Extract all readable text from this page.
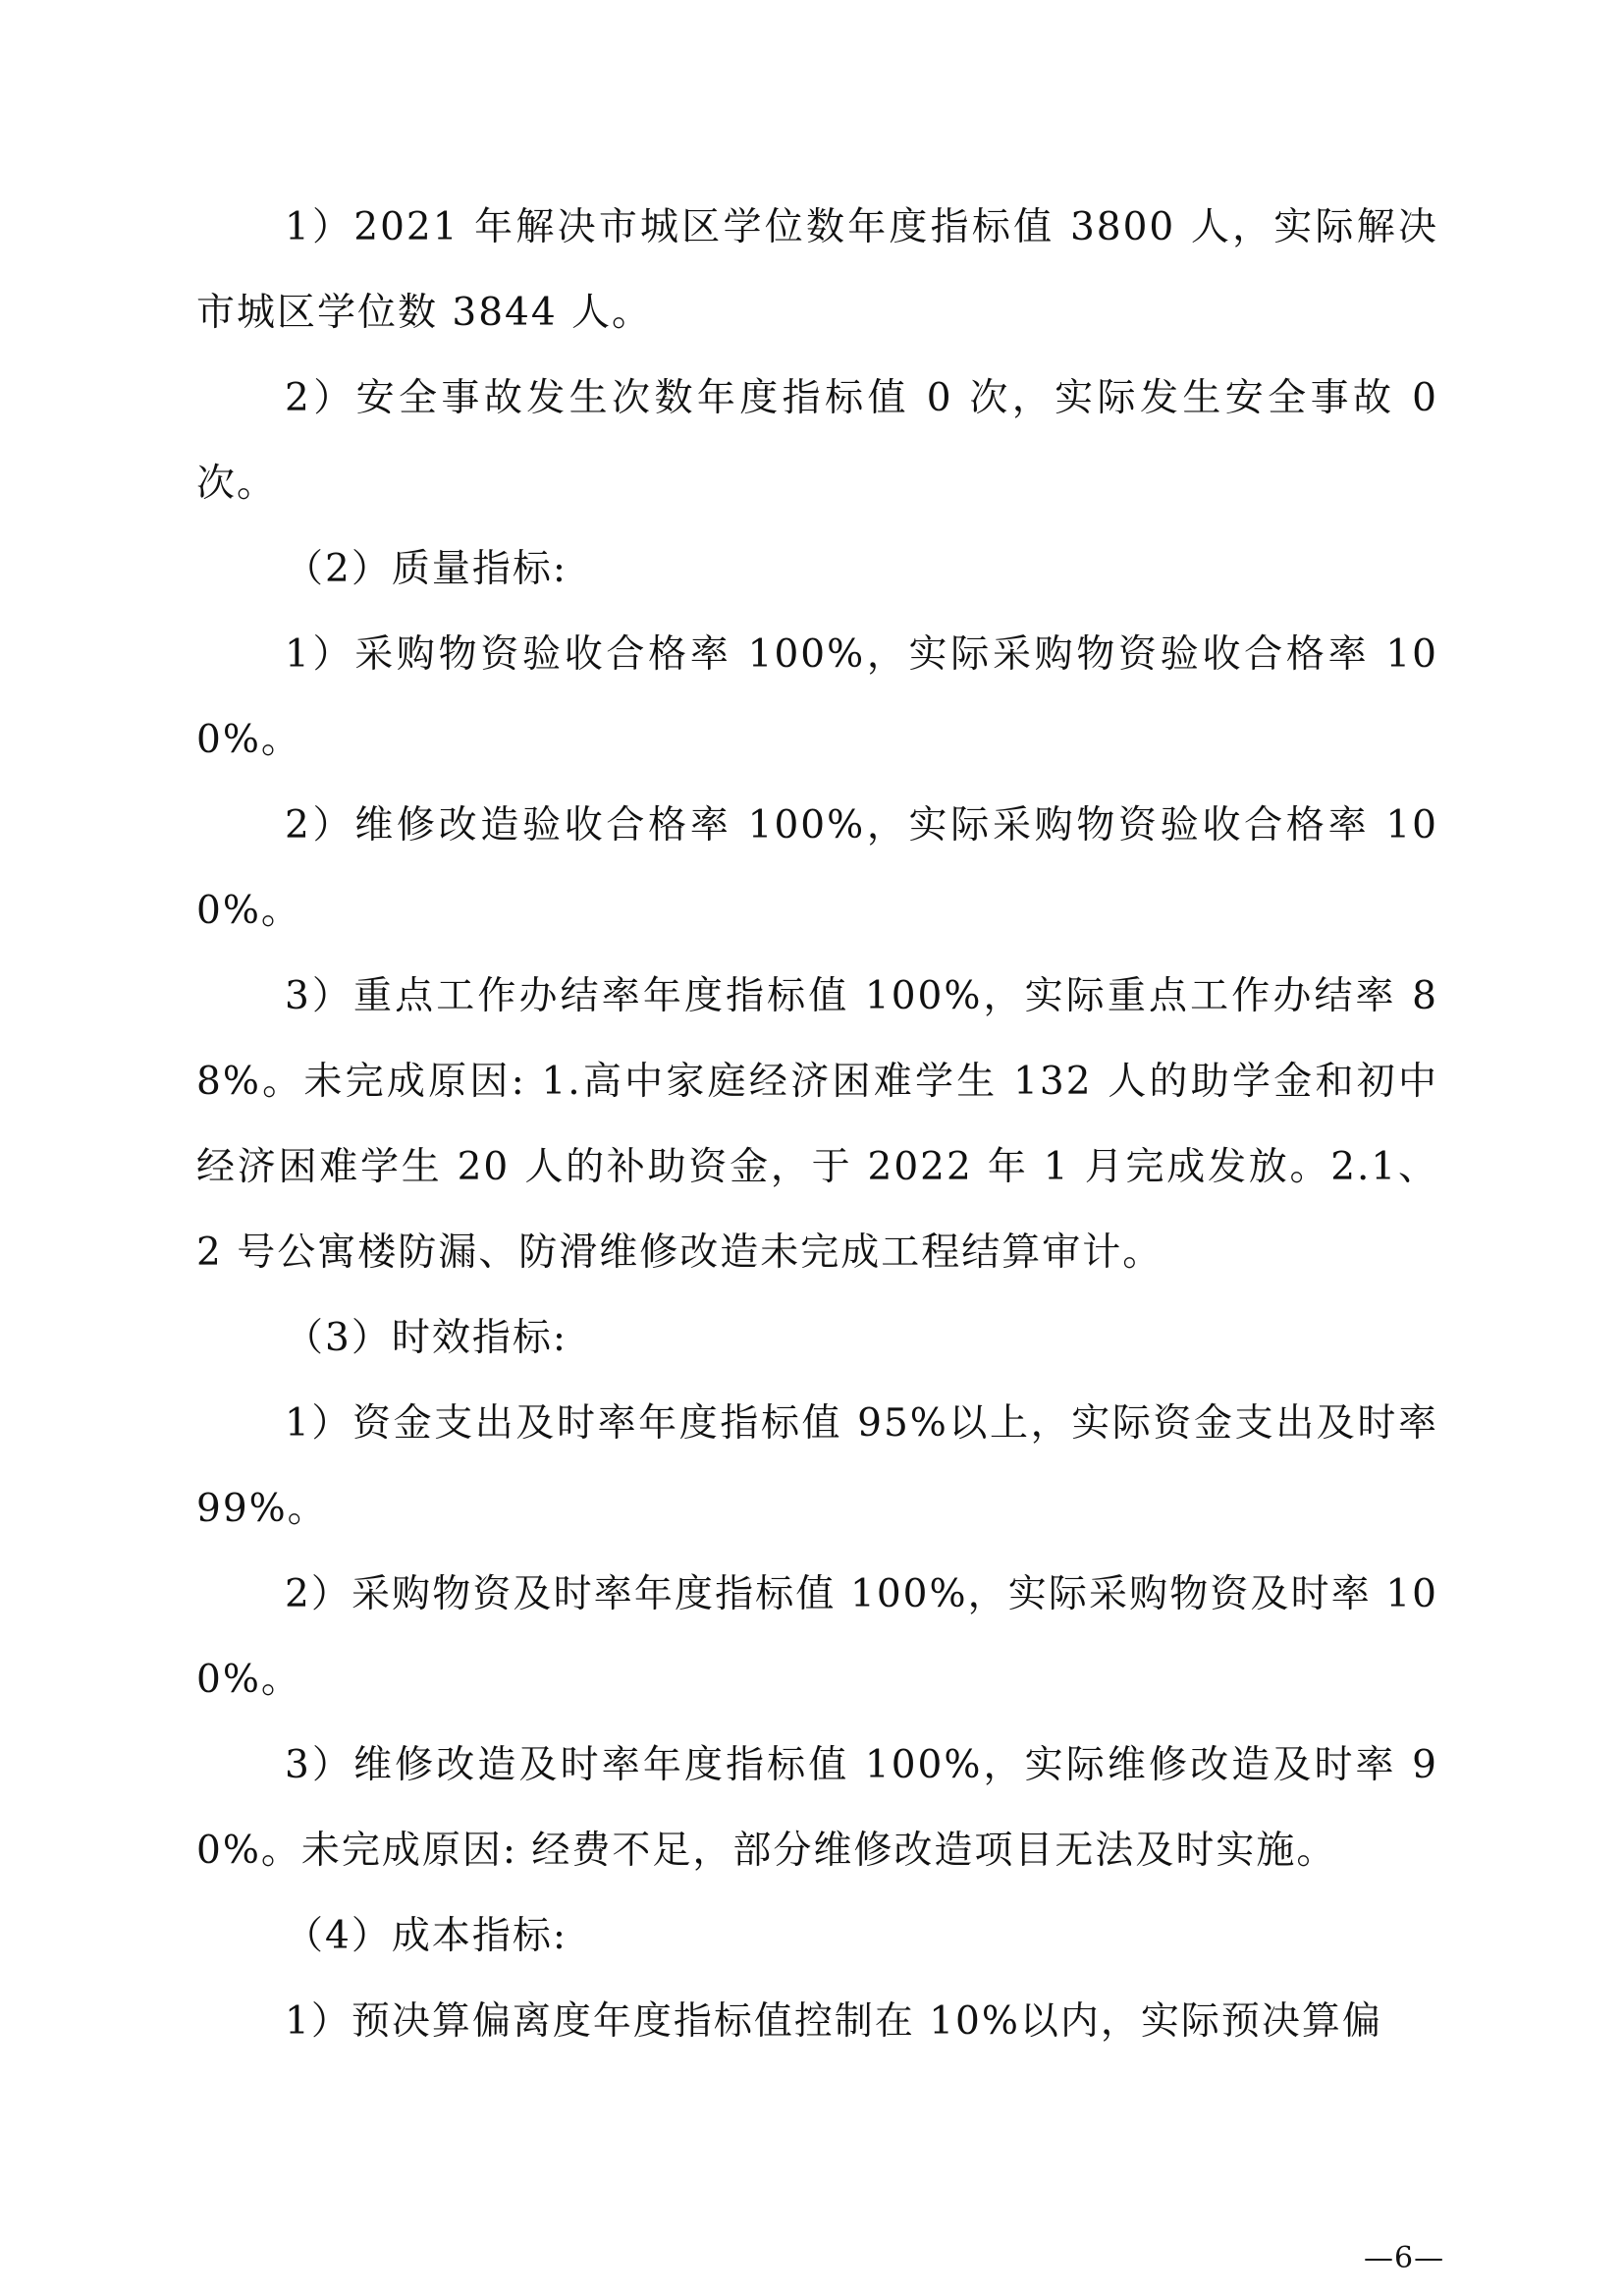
1）2021 年解决市城区学位数年度指标值 3800 人，实际解决市城区学位数 3844 人。

2）安全事故发生次数年度指标值 0 次，实际发生安全事故 0 次。

（2）质量指标:

1）采购物资验收合格率 100%，实际采购物资验收合格率 100%。

2）维修改造验收合格率 100%，实际采购物资验收合格率 100%。

3）重点工作办结率年度指标值 100%，实际重点工作办结率 88%。未完成原因: 1.高中家庭经济困难学生 132 人的助学金和初中经济困难学生 20 人的补助资金，于 2022 年 1 月完成发放。2.1、2 号公寓楼防漏、防滑维修改造未完成工程结算审计。

（3）时效指标:

1）资金支出及时率年度指标值 95%以上，实际资金支出及时率 99%。

2）采购物资及时率年度指标值 100%，实际采购物资及时率 100%。

3）维修改造及时率年度指标值 100%，实际维修改造及时率 90%。未完成原因: 经费不足，部分维修改造项目无法及时实施。

（4）成本指标:

1）预决算偏离度年度指标值控制在 10%以内，实际预决算偏

—6—
